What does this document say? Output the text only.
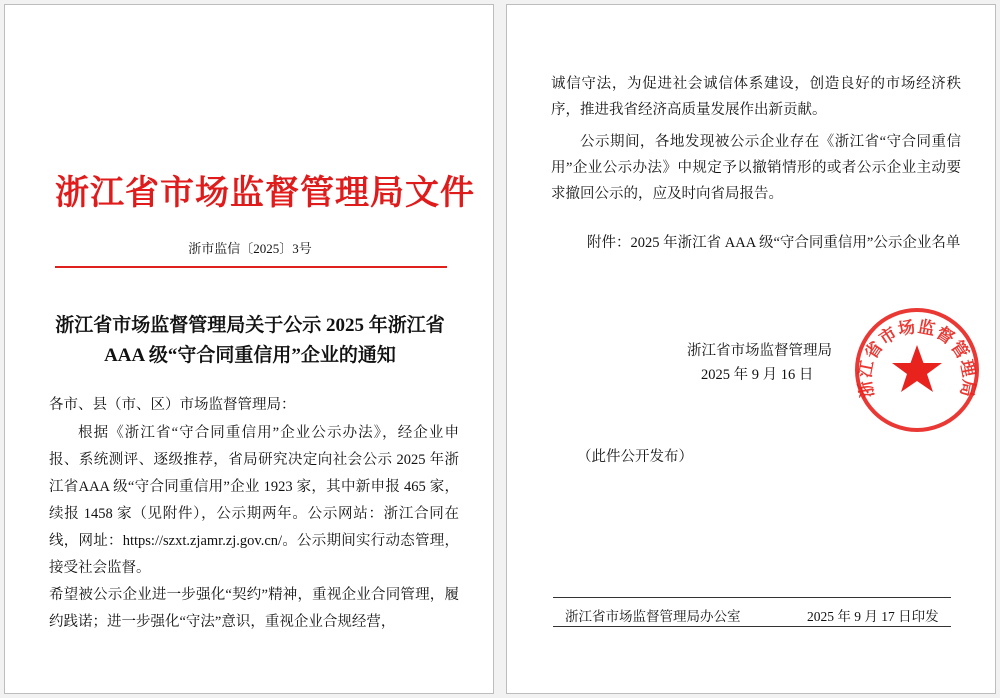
浙江省市场监督管理局文件
浙市监信〔2025〕3号
浙江省市场监督管理局关于公示 2025 年浙江省
AAA 级“守合同重信用”企业的通知
各市、县（市、区）市场监督管理局：
根据《浙江省“守合同重信用”企业公示办法》，经企业申报、系统测评、逐级推荐，省局研究决定向社会公示 2025 年浙江省AAA 级“守合同重信用”企业 1923 家，其中新申报 465 家，续报 1458 家（见附件），公示期两年。公示网站：浙江合同在线，网址：https://szxt.zjamr.zj.gov.cn/。公示期间实行动态管理，接受社会监督。
希望被公示企业进一步强化“契约”精神，重视企业合同管理，履约践诺；进一步强化“守法”意识，重视企业合规经营，
诚信守法，为促进社会诚信体系建设，创造良好的市场经济秩序，推进我省经济高质量发展作出新贡献。
公示期间，各地发现被公示企业存在《浙江省“守合同重信用”企业公示办法》中规定予以撤销情形的或者公示企业主动要求撤回公示的，应及时向省局报告。
附件：2025 年浙江省 AAA 级“守合同重信用”公示企业名单
浙江省市场监督管理局
浙江省市场监督管理局
2025 年 9 月 16 日
（此件公开发布）
浙江省市场监督管理局办公室	2025 年 9 月 17 日印发
